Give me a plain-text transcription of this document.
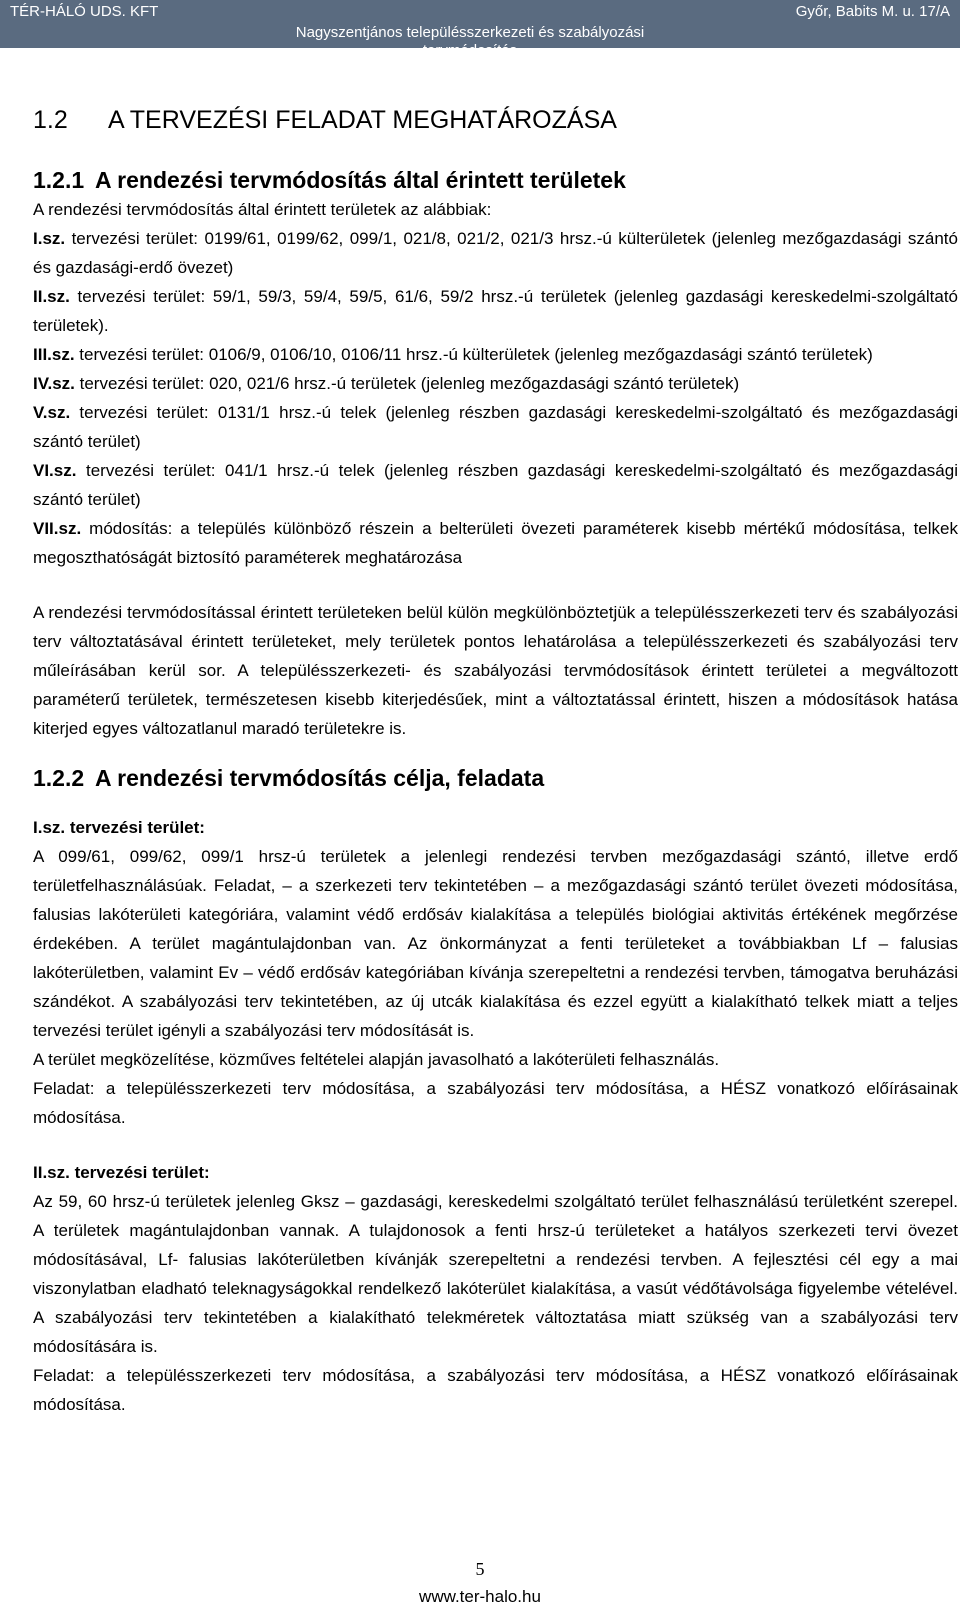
TÉR-HÁLÓ UDS. KFT	Győr, Babits M. u. 17/A
Nagyszentjános településszerkezeti és szabályozási tervmódosítás
1.2 A TERVEZÉSI FELADAT MEGHATÁROZÁSA
1.2.1 A rendezési tervmódosítás által érintett területek

A rendezési tervmódosítás által érintett területek az alábbiak:

I.sz. tervezési terület: 0199/61, 0199/62, 099/1, 021/8, 021/2, 021/3 hrsz.-ú külterületek (jelenleg mezőgazdasági szántó és gazdasági-erdő övezet)

II.sz. tervezési terület: 59/1, 59/3, 59/4, 59/5, 61/6, 59/2 hrsz.-ú területek (jelenleg gazdasági kereskedelmi-szolgáltató területek).

III.sz. tervezési terület: 0106/9, 0106/10, 0106/11 hrsz.-ú külterületek (jelenleg mezőgazdasági szántó területek)

IV.sz. tervezési terület: 020, 021/6 hrsz.-ú területek (jelenleg mezőgazdasági szántó területek)

V.sz. tervezési terület: 0131/1 hrsz.-ú telek (jelenleg részben gazdasági kereskedelmi-szolgáltató és mezőgazdasági szántó terület)

VI.sz. tervezési terület: 041/1 hrsz.-ú telek (jelenleg részben gazdasági kereskedelmi-szolgáltató és mezőgazdasági szántó terület)

VII.sz. módosítás: a település különböző részein a belterületi övezeti paraméterek kisebb mértékű módosítása, telkek megoszthatóságát biztosító paraméterek meghatározása

A rendezési tervmódosítással érintett területeken belül külön megkülönböztetjük a településszerkezeti terv és szabályozási terv változtatásával érintett területeket, mely területek pontos lehatárolása a településszerkezeti és szabályozási terv műleírásában kerül sor. A településszerkezeti- és szabályozási tervmódosítások érintett területei a megváltozott paraméterű területek, természetesen kisebb kiterjedésűek, mint a változtatással érintett, hiszen a módosítások hatása kiterjed egyes változatlanul maradó területekre is.

1.2.2 A rendezési tervmódosítás célja, feladata

I.sz. tervezési terület:

A 099/61, 099/62, 099/1 hrsz-ú területek a jelenlegi rendezési tervben mezőgazdasági szántó, illetve erdő területfelhasználásúak. Feladat, – a szerkezeti terv tekintetében – a mezőgazdasági szántó terület övezeti módosítása, falusias lakóterületi kategóriára, valamint védő erdősáv kialakítása a település biológiai aktivitás értékének megőrzése érdekében. A terület magántulajdonban van. Az önkormányzat a fenti területeket a továbbiakban Lf – falusias lakóterületben, valamint Ev – védő erdősáv kategóriában kívánja szerepeltetni a rendezési tervben, támogatva beruházási szándékot. A szabályozási terv tekintetében, az új utcák kialakítása és ezzel együtt a kialakítható telkek miatt a teljes tervezési terület igényli a szabályozási terv módosítását is.

A terület megközelítése, közműves feltételei alapján javasolható a lakóterületi felhasználás.

Feladat: a településszerkezeti terv módosítása, a szabályozási terv módosítása, a HÉSZ vonatkozó előírásainak módosítása.

II.sz. tervezési terület:

Az 59, 60 hrsz-ú területek jelenleg Gksz – gazdasági, kereskedelmi szolgáltató terület felhasználású területként szerepel. A területek magántulajdonban vannak. A tulajdonosok a fenti hrsz-ú területeket a hatályos szerkezeti tervi övezet módosításával, Lf- falusias lakóterületben kívánják szerepeltetni a rendezési tervben. A fejlesztési cél egy a mai viszonylatban eladható teleknagyságokkal rendelkező lakóterület kialakítása, a vasút védőtávolsága figyelembe vételével. A szabályozási terv tekintetében a kialakítható telekméretek változtatása miatt szükség van a szabályozási terv módosítására is.

Feladat: a településszerkezeti terv módosítása, a szabályozási terv módosítása, a HÉSZ vonatkozó előírásainak módosítása.

5
www.ter-halo.hu
